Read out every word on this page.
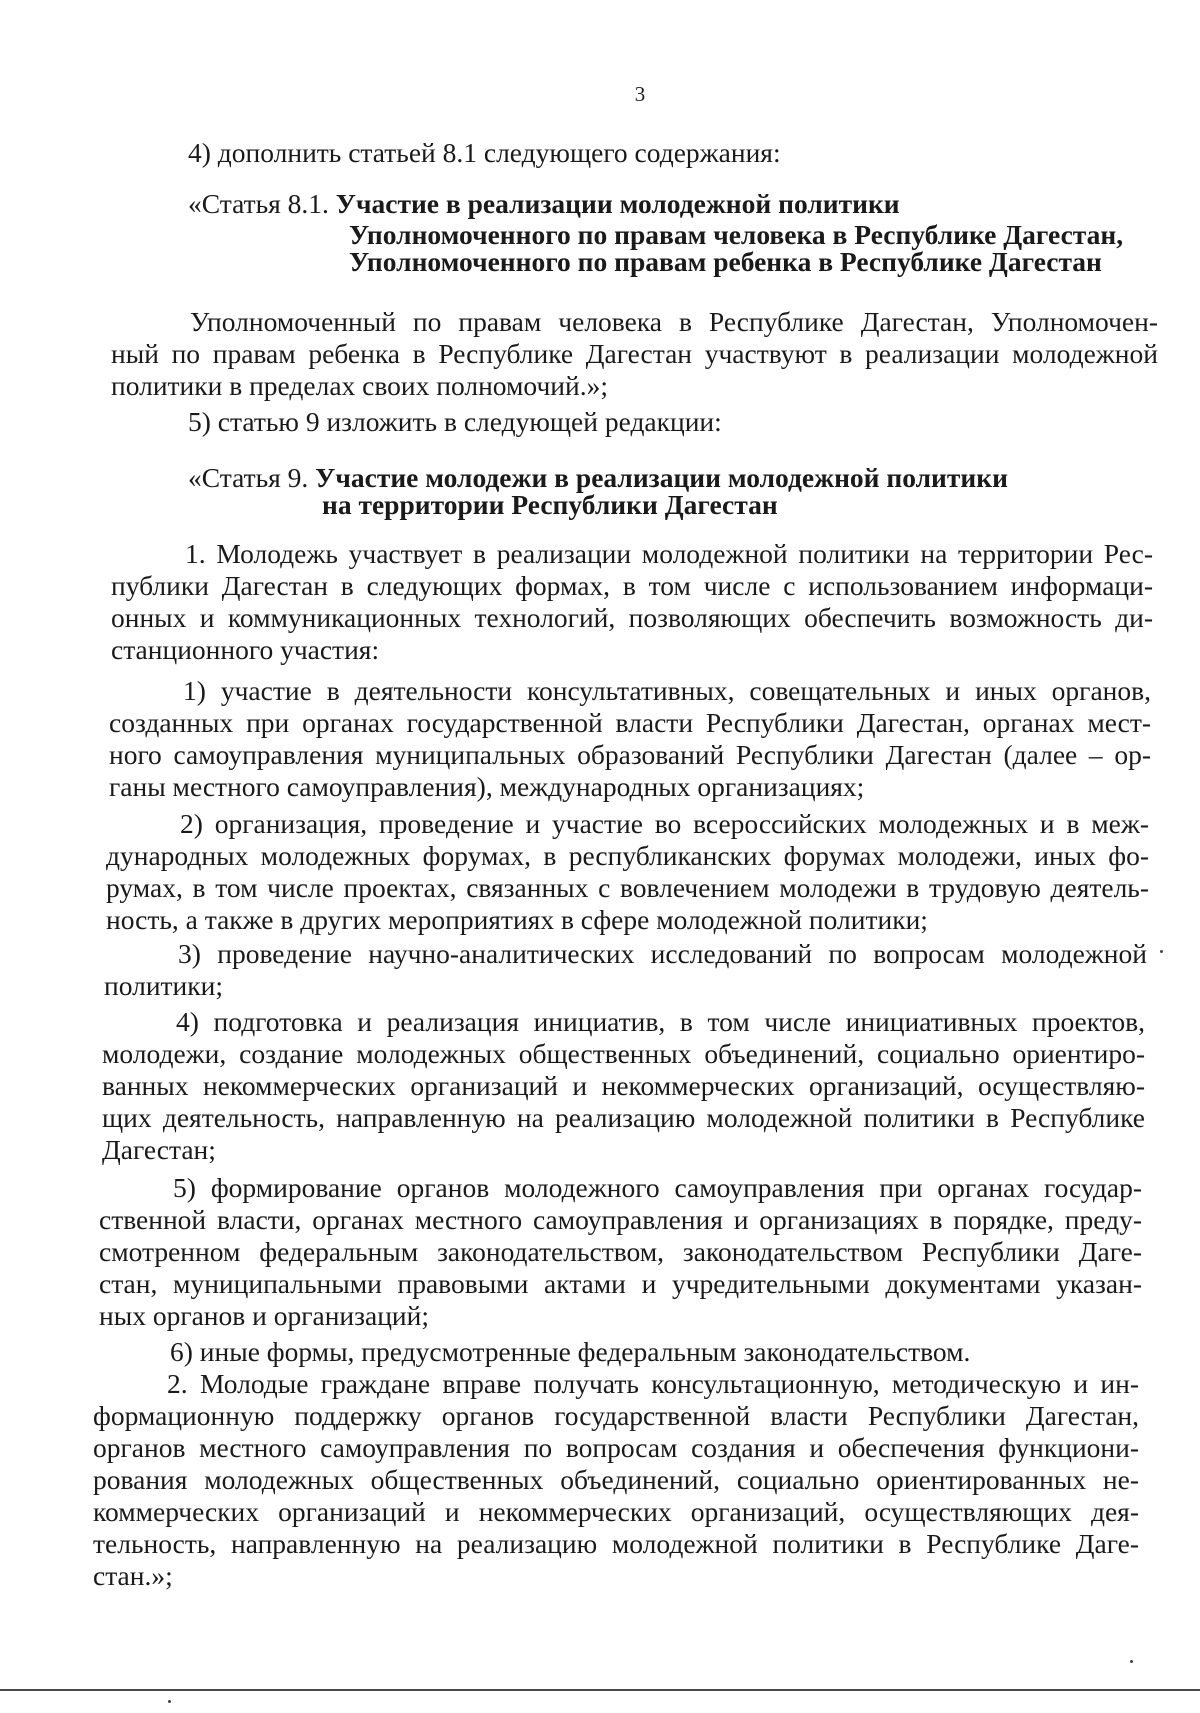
3

4) дополнить статьей 8.1 следующего содержания:

«Статья 8.1. Участие в реализации молодежной политики

Уполномоченного по правам человека в Республике Дагестан,

Уполномоченного по правам ребенка в Республике Дагестан

Уполномоченный по правам человека в Республике Дагестан, Уполномочен-

ный по правам ребенка в Республике Дагестан участвуют в реализации молодежной

политики в пределах своих полномочий.»;

5) статью 9 изложить в следующей редакции:

«Статья 9. Участие молодежи в реализации молодежной политики

на территории Республики Дагестан

1. Молодежь участвует в реализации молодежной политики на территории Рес-

публики Дагестан в следующих формах, в том числе с использованием информаци-

онных и коммуникационных технологий, позволяющих обеспечить возможность ди-

станционного участия:

1) участие в деятельности консультативных, совещательных и иных органов,

созданных при органах государственной власти Республики Дагестан, органах мест-

ного самоуправления муниципальных образований Республики Дагестан (далее – ор-

ганы местного самоуправления), международных организациях;

2) организация, проведение и участие во всероссийских молодежных и в меж-

дународных молодежных форумах, в республиканских форумах молодежи, иных фо-

румах, в том числе проектах, связанных с вовлечением молодежи в трудовую деятель-

ность, а также в других мероприятиях в сфере молодежной политики;

3) проведение научно-аналитических исследований по вопросам молодежной

политики;

4) подготовка и реализация инициатив, в том числе инициативных проектов,

молодежи, создание молодежных общественных объединений, социально ориентиро-

ванных некоммерческих организаций и некоммерческих организаций, осуществляю-

щих деятельность, направленную на реализацию молодежной политики в Республике

Дагестан;

5) формирование органов молодежного самоуправления при органах государ-

ственной власти, органах местного самоуправления и организациях в порядке, преду-

смотренном федеральным законодательством, законодательством Республики Даге-

стан, муниципальными правовыми актами и учредительными документами указан-

ных органов и организаций;

6) иные формы, предусмотренные федеральным законодательством.

2. Молодые граждане вправе получать консультационную, методическую и ин-

формационную поддержку органов государственной власти Республики Дагестан,

органов местного самоуправления по вопросам создания и обеспечения функциони-

рования молодежных общественных объединений, социально ориентированных не-

коммерческих организаций и некоммерческих организаций, осуществляющих дея-

тельность, направленную на реализацию молодежной политики в Республике Даге-

стан.»;
